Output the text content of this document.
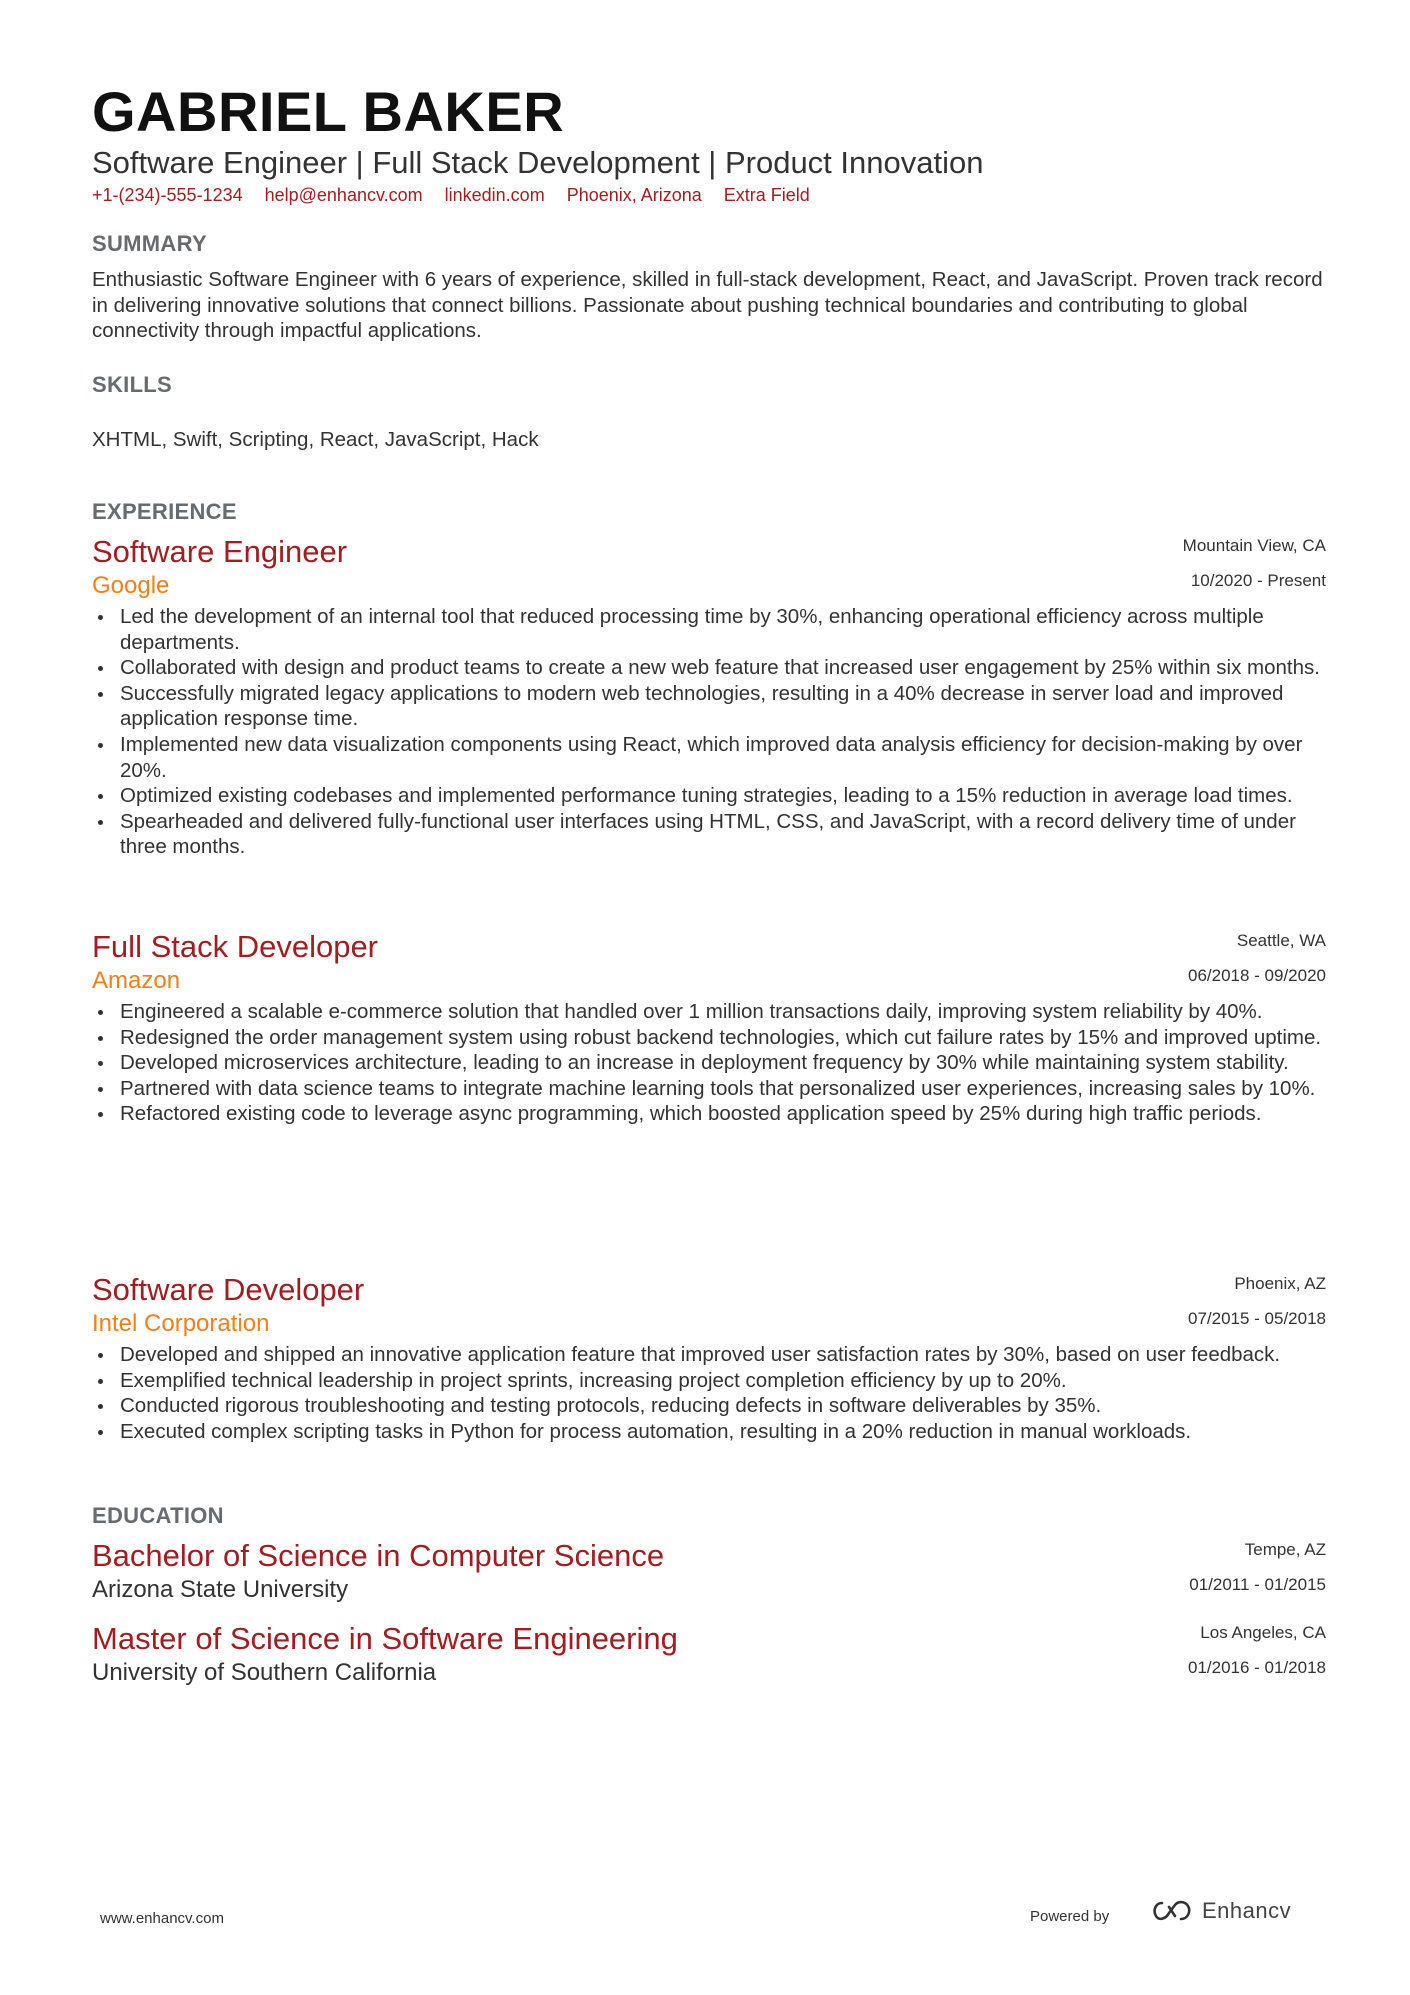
GABRIEL BAKER
Software Engineer | Full Stack Development | Product Innovation
+1-(234)-555-1234 help@enhancv.com linkedin.com Phoenix, Arizona Extra Field
SUMMARY
Enthusiastic Software Engineer with 6 years of experience, skilled in full-stack development, React, and JavaScript. Proven track record in delivering innovative solutions that connect billions. Passionate about pushing technical boundaries and contributing to global connectivity through impactful applications.
SKILLS
XHTML, Swift, Scripting, React, JavaScript, Hack
EXPERIENCE
Software Engineer
Google
Mountain View, CA
10/2020 - Present
Led the development of an internal tool that reduced processing time by 30%, enhancing operational efficiency across multiple departments.
Collaborated with design and product teams to create a new web feature that increased user engagement by 25% within six months.
Successfully migrated legacy applications to modern web technologies, resulting in a 40% decrease in server load and improved application response time.
Implemented new data visualization components using React, which improved data analysis efficiency for decision-making by over 20%.
Optimized existing codebases and implemented performance tuning strategies, leading to a 15% reduction in average load times.
Spearheaded and delivered fully-functional user interfaces using HTML, CSS, and JavaScript, with a record delivery time of under three months.
Full Stack Developer
Amazon
Seattle, WA
06/2018 - 09/2020
Engineered a scalable e-commerce solution that handled over 1 million transactions daily, improving system reliability by 40%.
Redesigned the order management system using robust backend technologies, which cut failure rates by 15% and improved uptime.
Developed microservices architecture, leading to an increase in deployment frequency by 30% while maintaining system stability.
Partnered with data science teams to integrate machine learning tools that personalized user experiences, increasing sales by 10%.
Refactored existing code to leverage async programming, which boosted application speed by 25% during high traffic periods.
Software Developer
Intel Corporation
Phoenix, AZ
07/2015 - 05/2018
Developed and shipped an innovative application feature that improved user satisfaction rates by 30%, based on user feedback.
Exemplified technical leadership in project sprints, increasing project completion efficiency by up to 20%.
Conducted rigorous troubleshooting and testing protocols, reducing defects in software deliverables by 35%.
Executed complex scripting tasks in Python for process automation, resulting in a 20% reduction in manual workloads.
EDUCATION
Bachelor of Science in Computer Science
Arizona State University
Tempe, AZ
01/2011 - 01/2015
Master of Science in Software Engineering
University of Southern California
Los Angeles, CA
01/2016 - 01/2018
www.enhancv.com	Powered by	Enhancv
